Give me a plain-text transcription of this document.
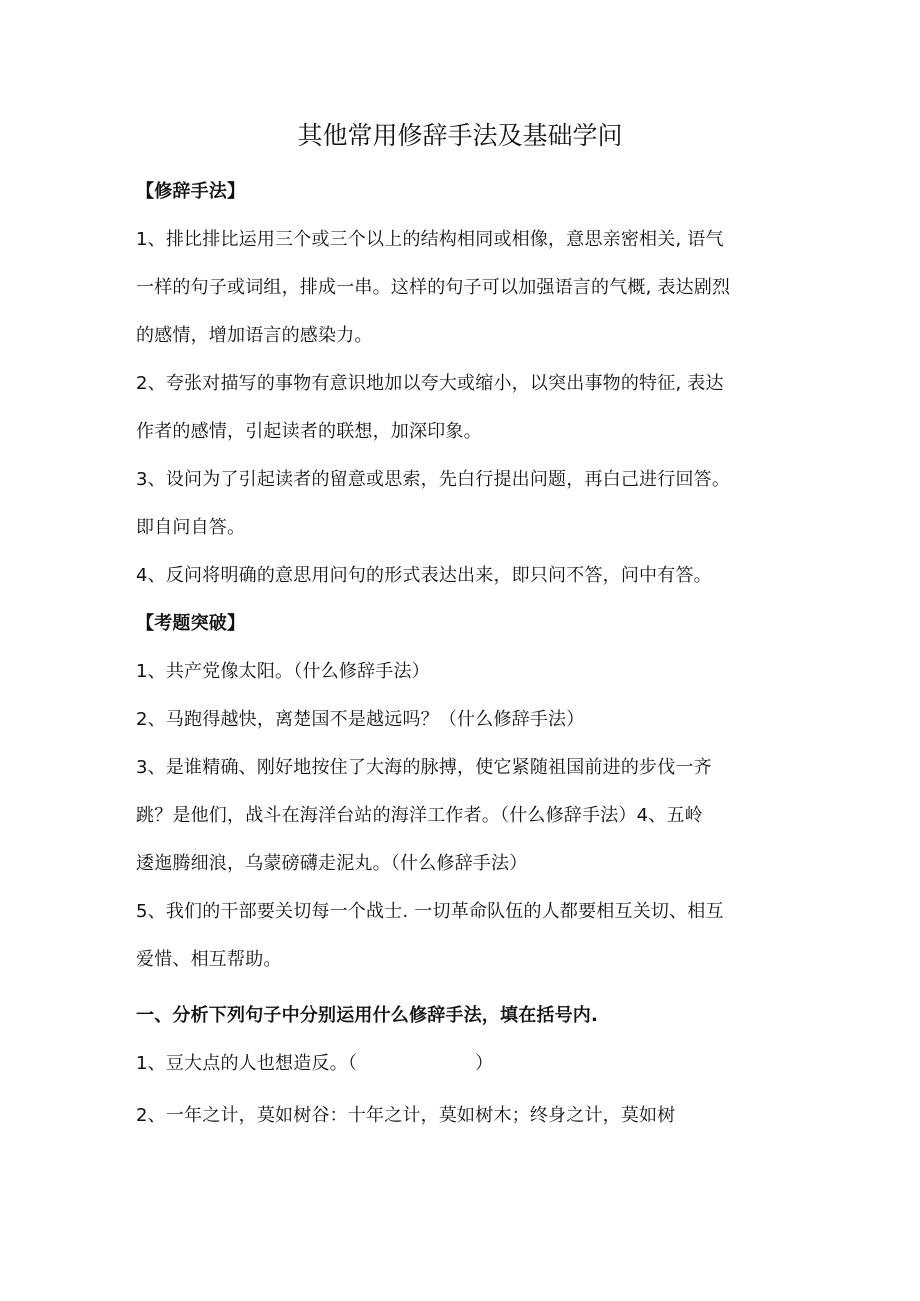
其他常用修辞手法及基础学问
【修辞手法】
1、排比排比运用三个或三个以上的结构相同或相像，意思亲密相关, 语气
一样的句子或词组，排成一串。这样的句子可以加强语言的气概, 表达剧烈
的感情，增加语言的感染力。
2、夸张对描写的事物有意识地加以夸大或缩小，以突出事物的特征, 表达
作者的感情，引起读者的联想，加深印象。
3、设问为了引起读者的留意或思索，先白行提出问题，再白己进行回答。
即自问自答。
4、反问将明确的意思用问句的形式表达出来，即只问不答，问中有答。
【考题突破】
1、共产党像太阳。（什么修辞手法）
2、马跑得越快，离楚国不是越远吗？（什么修辞手法）
3、是谁精确、刚好地按住了大海的脉搏，使它紧随祖国前进的步伐一齐
跳？是他们，战斗在海洋台站的海洋工作者。（什么修辞手法）4、五岭
逶迤腾细浪，乌蒙磅礴走泥丸。（什么修辞手法）
5、我们的干部要关切每一个战士. 一切革命队伍的人都要相互关切、相互
爱惜、相互帮助。
一、分析下列句子中分别运用什么修辞手法，填在括号内.
1、豆大点的人也想造反。（	）
2、一年之计，莫如树谷：十年之计，莫如树木；终身之计，莫如树
